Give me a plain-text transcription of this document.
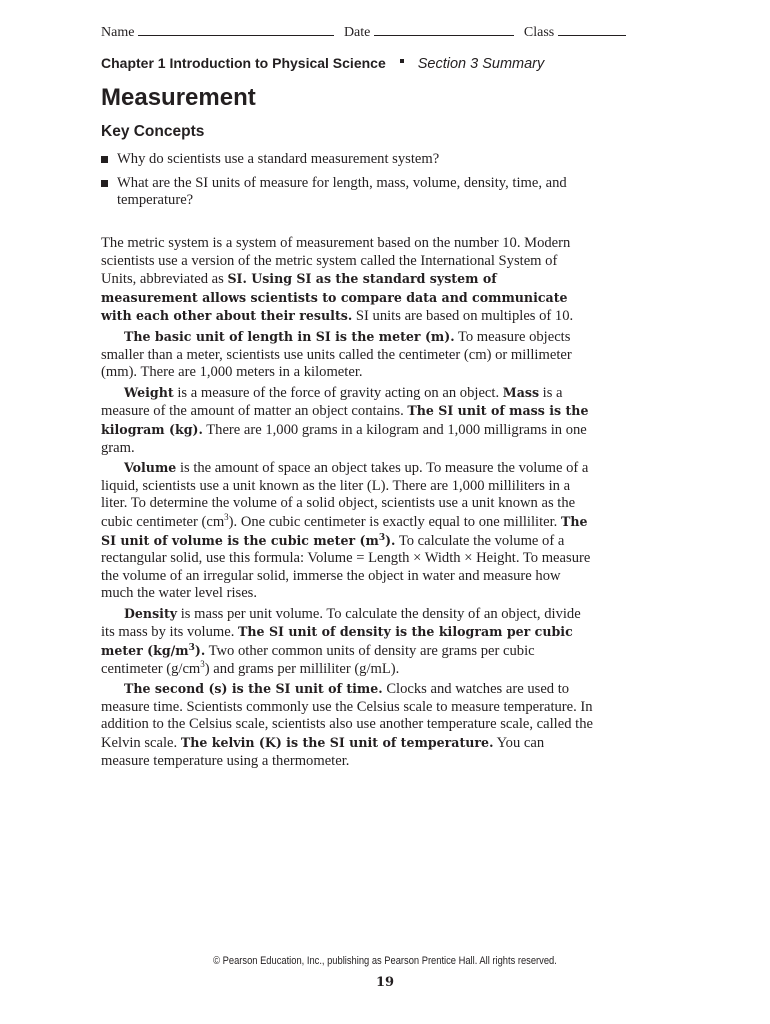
Name	Date	Class
Chapter 1 Introduction to Physical Science Section 3 Summary
Measurement
Key Concepts
Why do scientists use a standard measurement system?
What are the SI units of measure for length, mass, volume, density, time, and temperature?

The metric system is a system of measurement based on the number 10. Modern scientists use a version of the metric system called the International System of Units, abbreviated as SI. Using SI as the standard system of measurement allows scientists to compare data and communicate with each other about their results. SI units are based on multiples of 10.

The basic unit of length in SI is the meter (m). To measure objects smaller than a meter, scientists use units called the centimeter (cm) or millimeter (mm). There are 1,000 meters in a kilometer.

Weight is a measure of the force of gravity acting on an object. Mass is a measure of the amount of matter an object contains. The SI unit of mass is the kilogram (kg). There are 1,000 grams in a kilogram and 1,000 milligrams in one gram.

Volume is the amount of space an object takes up. To measure the volume of a liquid, scientists use a unit known as the liter (L). There are 1,000 milliliters in a liter. To determine the volume of a solid object, scientists use a unit known as the cubic centimeter $(cm^3)$. One cubic centimeter is exactly equal to one milliliter. The SI unit of volume is the cubic meter $(m^3)$. To calculate the volume of a rectangular solid, use this formula: Volume = Length × Width × Height. To measure the volume of an irregular solid, immerse the object in water and measure how much the water level rises.

Density is mass per unit volume. To calculate the density of an object, divide its mass by its volume. The SI unit of density is the kilogram per cubic meter $(kg/m^3)$. Two other common units of density are grams per cubic centimeter $(g/cm^3)$ and grams per milliliter (g/mL).

The second (s) is the SI unit of time. Clocks and watches are used to measure time. Scientists commonly use the Celsius scale to measure temperature. In addition to the Celsius scale, scientists also use another temperature scale, called the Kelvin scale. The kelvin (K) is the SI unit of temperature. You can measure temperature using a thermometer.

© Pearson Education, Inc., publishing as Pearson Prentice Hall. All rights reserved.
19
